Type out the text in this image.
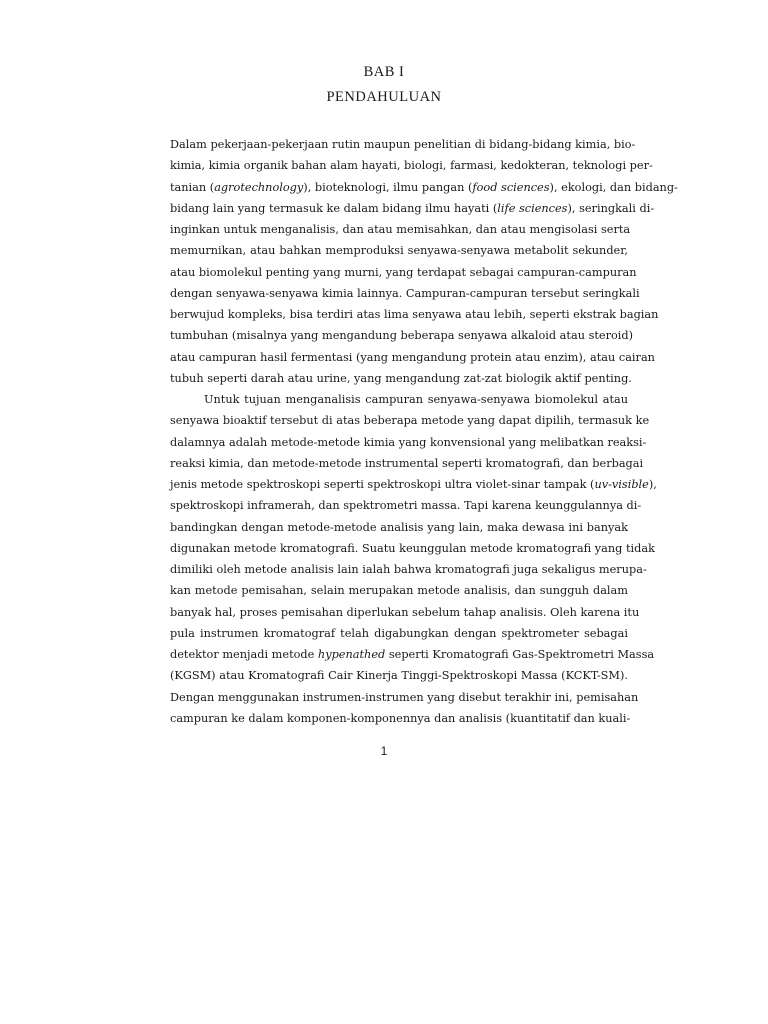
BAB I
PENDAHULUAN
Dalam pekerjaan-pekerjaan rutin maupun penelitian di bidang-bidang kimia, bio-
kimia, kimia organik bahan alam hayati, biologi, farmasi, kedokteran, teknologi per-
tanian (agrotechnology), bioteknologi, ilmu pangan (food sciences), ekologi, dan bidang-
bidang lain yang termasuk ke dalam bidang ilmu hayati (life sciences), seringkali di-
inginkan untuk menganalisis, dan atau memisahkan, dan atau mengisolasi serta
memurnikan, atau bahkan memproduksi senyawa-senyawa metabolit sekunder,
atau biomolekul penting yang murni, yang terdapat sebagai campuran-campuran
dengan senyawa-senyawa kimia lainnya. Campuran-campuran tersebut seringkali
berwujud kompleks, bisa terdiri atas lima senyawa atau lebih, seperti ekstrak bagian
tumbuhan (misalnya yang mengandung beberapa senyawa alkaloid atau steroid)
atau campuran hasil fermentasi (yang mengandung protein atau enzim), atau cairan
tubuh seperti darah atau urine, yang mengandung zat-zat biologik aktif penting.
Untuk tujuan menganalisis campuran senyawa-senyawa biomolekul atau
senyawa bioaktif tersebut di atas beberapa metode yang dapat dipilih, termasuk ke
dalamnya adalah metode-metode kimia yang konvensional yang melibatkan reaksi-
reaksi kimia, dan metode-metode instrumental seperti kromatografi, dan berbagai
jenis metode spektroskopi seperti spektroskopi ultra violet-sinar tampak (uv-visible),
spektroskopi inframerah, dan spektrometri massa. Tapi karena keunggulannya di-
bandingkan dengan metode-metode analisis yang lain, maka dewasa ini banyak
digunakan metode kromatografi. Suatu keunggulan metode kromatografi yang tidak
dimiliki oleh metode analisis lain ialah bahwa kromatografi juga sekaligus merupa-
kan metode pemisahan, selain merupakan metode analisis, dan sungguh dalam
banyak hal, proses pemisahan diperlukan sebelum tahap analisis. Oleh karena itu
pula instrumen kromatograf telah digabungkan dengan spektrometer sebagai
detektor menjadi metode hypenathed seperti Kromatografi Gas-Spektrometri Massa
(KGSM) atau Kromatografi Cair Kinerja Tinggi-Spektroskopi Massa (KCKT-SM).
Dengan menggunakan instrumen-instrumen yang disebut terakhir ini, pemisahan
campuran ke dalam komponen-komponennya dan analisis (kuantitatif dan kuali-
1
